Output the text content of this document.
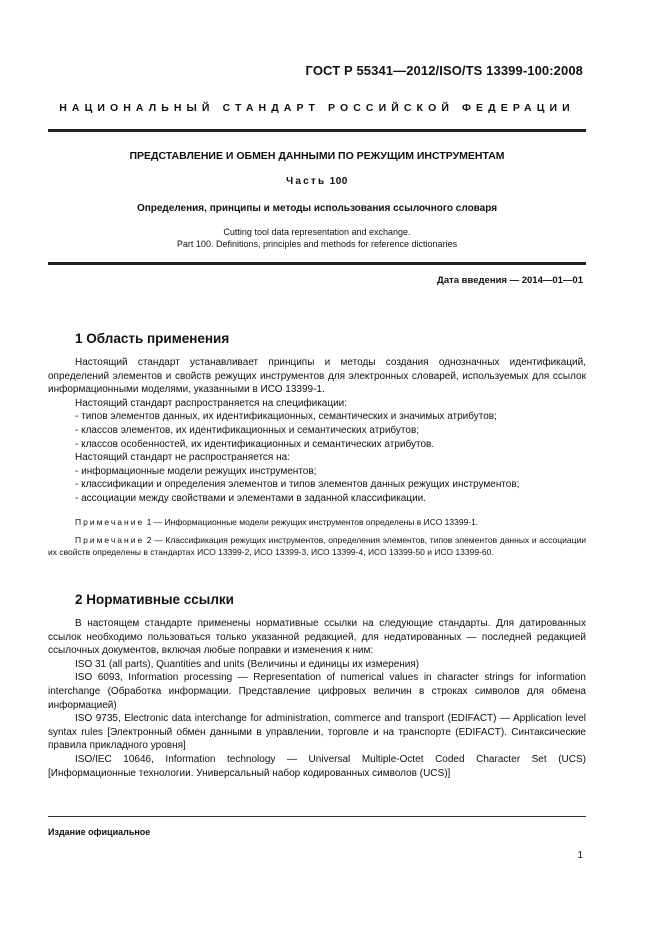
ГОСТ Р 55341—2012/ISO/TS 13399-100:2008
НАЦИОНАЛЬНЫЙ СТАНДАРТ РОССИЙСКОЙ ФЕДЕРАЦИИ
ПРЕДСТАВЛЕНИЕ И ОБМЕН ДАННЫМИ ПО РЕЖУЩИМ ИНСТРУМЕНТАМ
Часть 100
Определения, принципы и методы использования ссылочного словаря
Cutting tool data representation and exchange.
Part 100. Definitions, principles and methods for reference dictionaries
Дата введения — 2014—01—01
1 Область применения

Настоящий стандарт устанавливает принципы и методы создания однозначных идентификаций, определений элементов и свойств режущих инструментов для электронных словарей, используемых для ссылок информационными моделями, указанными в ИСО 13399-1.

Настоящий стандарт распространяется на спецификации:

- типов элементов данных, их идентификационных, семантических и значимых атрибутов;

- классов элементов, их идентификационных и семантических атрибутов;

- классов особенностей, их идентификационных и семантических атрибутов.

Настоящий стандарт не распространяется на:

- информационные модели режущих инструментов;

- классификации и определения элементов и типов элементов данных режущих инструментов;

- ассоциации между свойствами и элементами в заданной классификации.

Примечание 1 — Информационные модели режущих инструментов определены в ИСО 13399-1.

Примечание 2 — Классификация режущих инструментов, определения элементов, типов элементов данных и ассоциации их свойств определены в стандартах ИСО 13399-2, ИСО 13399-3, ИСО 13399-4, ИСО 13399-50 и ИСО 13399-60.

2 Нормативные ссылки

В настоящем стандарте применены нормативные ссылки на следующие стандарты. Для датированных ссылок необходимо пользоваться только указанной редакцией, для недатированных — последней редакцией ссылочных документов, включая любые поправки и изменения к ним:

ISO 31 (all parts), Quantities and units (Величины и единицы их измерения)

ISO 6093, Information processing — Representation of numerical values in character strings for information interchange (Обработка информации. Представление цифровых величин в строках символов для обмена информацией)

ISO 9735, Electronic data interchange for administration, commerce and transport (EDIFACT) — Application level syntax rules [Электронный обмен данными в управлении, торговле и на транспорте (EDIFACT). Синтаксические правила прикладного уровня]

ISO/IEC 10646, Information technology — Universal Multiple-Octet Coded Character Set (UCS) [Информационные технологии. Универсальный набор кодированных символов (UCS)]

Издание официальное
1
